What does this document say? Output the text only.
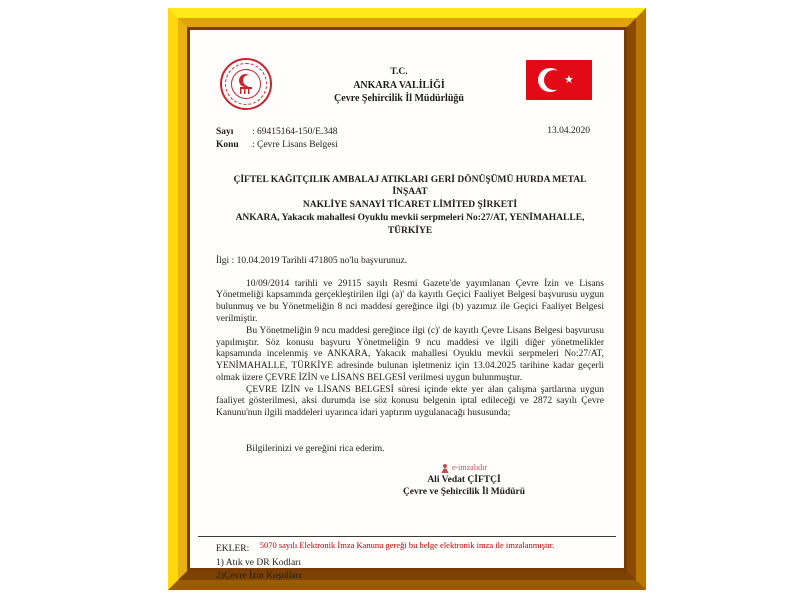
T.C.
ANKARA VALİLİĞİ
Çevre Şehircilik İl Müdürlüğü
★
Sayı	: 69415164-150/E.348
Konu	: Çevre Lisans Belgesi
13.04.2020
ÇİFTEL KAĞITÇILIK AMBALAJ ATIKLARI GERİ DÖNÜŞÜMÜ HURDA METAL İNŞAAT
NAKLİYE SANAYİ TİCARET LİMİTED ŞİRKETİ
ANKARA, Yakacık mahallesi Oyuklu mevkii serpmeleri No:27/AT, YENİMAHALLE,
TÜRKİYE
İlgi : 10.04.2019 Tarihli 471805 no'lu başvurunuz.

10/09/2014 tarihli ve 29115 sayılı Resmi Gazete'de yayımlanan Çevre İzin ve Lisans Yönetmeliği kapsamında gerçekleştirilen ilgi (a)' da kayıtlı Geçici Faaliyet Belgesi başvurusu uygun bulunmuş ve bu Yönetmeliğin 8 nci maddesi gereğince ilgi (b) yazımız ile Geçici Faaliyet Belgesi verilmiştir.

Bu Yönetmeliğin 9 ncu maddesi gereğince ilgi (c)' de kayıtlı Çevre Lisans Belgesi başvurusu yapılmıştır. Söz konusu başvuru Yönetmeliğin 9 ncu maddesi ve ilgili diğer yönetmelikler kapsamında incelenmiş ve ANKARA, Yakacık mahallesi Oyuklu mevkii serpmeleri No:27/AT, YENİMAHALLE, TÜRKİYE adresinde bulunan işletmeniz için 13.04.2025 tarihine kadar geçerli olmak üzere ÇEVRE İZİN ve LİSANS BELGESİ verilmesi uygun bulunmuştur.

ÇEVRE İZİN ve LİSANS BELGESİ süresi içinde ekte yer alan çalışma şartlarına uygun faaliyet gösterilmesi, aksi durumda ise söz konusu belgenin iptal edileceği ve 2872 sayılı Çevre Kanunu'nun ilgili maddeleri uyarınca idari yaptırım uygulanacağı hususunda;

Bilgilerinizi ve gereğini rica ederim.
e-imzalıdır
Ali Vedat ÇİFTÇİ
Çevre ve Şehircilik İl Müdürü
EKLER:
1) Atık ve DR Kodları
2)Çevre İzin Koşulları
5070 sayılı Elektronik İmza Kanunu gereği bu belge elektronik imza ile imzalanmıştır.
